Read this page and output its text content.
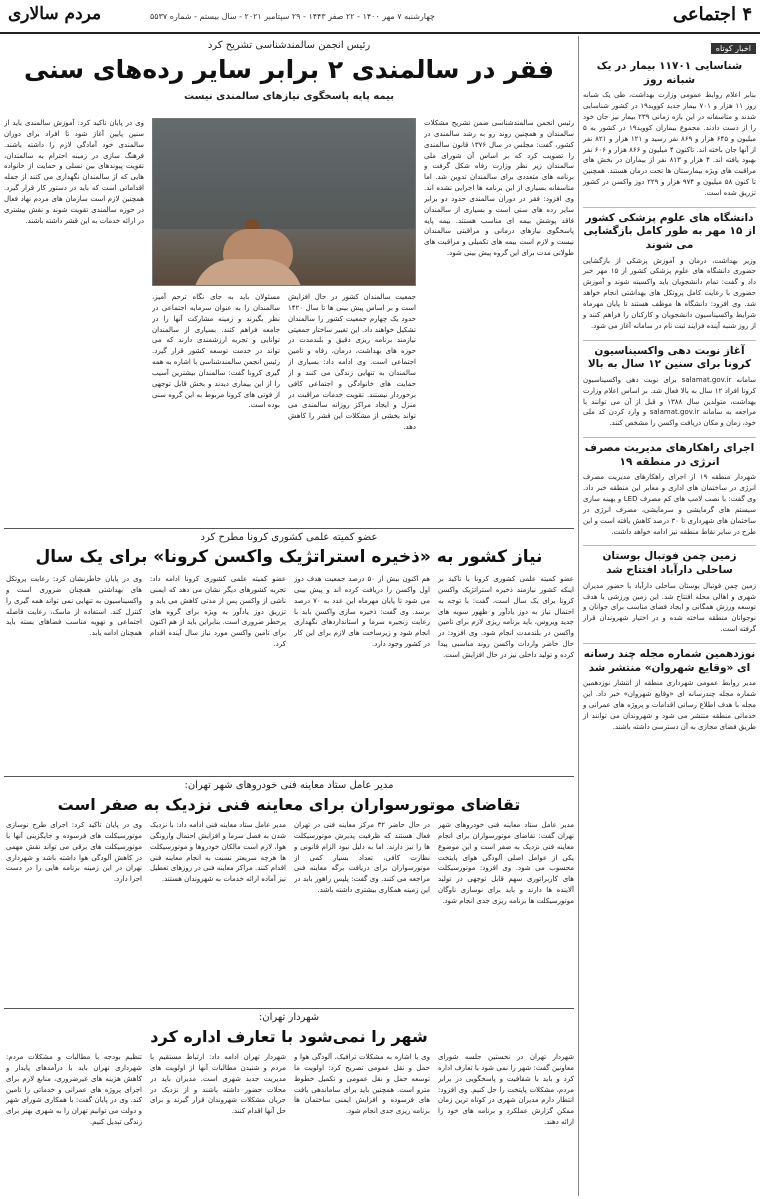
۴ اجتماعی
چهارشنبه ۷ مهر ۱۴۰۰ - ۲۲ صفر ۱۴۴۳ - ۲۹ سپتامبر ۲۰۲۱ - سال بیستم - شماره ۵۵۳۷
مردم سالاری
اخبار کوتاه
شناسایی ۱۱۷۰۱ بیمار در یک شبانه روز
بنابر اعلام روابط عمومی وزارت بهداشت، طی یک شبانه روز ۱۱ هزار و ۷۰۱ بیمار جدید کووید۱۹ در کشور شناسایی شدند و متاسفانه در این بازه زمانی ۲۳۹ بیمار نیز جان خود را از دست دادند. مجموع بیماران کووید۱۹ در کشور به ۵ میلیون و ۶۴۵ هزار و ۸۶۹ نفر رسید و ۱۲۱ هزار و ۸۲۱ نفر از آنها جان باخته اند. تاکنون ۴ میلیون و ۸۶۶ هزار و ۶۰۶ نفر بهبود یافته اند. ۴ هزار و ۸۱۳ نفر از بیماران در بخش های مراقبت های ویژه بیمارستان ها تحت درمان هستند. همچنین تا کنون ۵۸ میلیون و ۹۷۴ هزار و ۲۲۹ دوز واکسن در کشور تزریق شده است.
دانشگاه های علوم پزشکی کشور از ۱۵ مهر به طور کامل بازگشایی می شوند
وزیر بهداشت، درمان و آموزش پزشکی از بازگشایی حضوری دانشگاه های علوم پزشکی کشور از ۱۵ مهر خبر داد و گفت: تمام دانشجویان باید واکسینه شوند و آموزش حضوری با رعایت کامل پروتکل های بهداشتی انجام خواهد شد. وی افزود: دانشگاه ها موظف هستند تا پایان مهرماه شرایط واکسیناسیون دانشجویان و کارکنان را فراهم کنند و از روز شنبه آینده فرایند ثبت نام در سامانه آغاز می شود.
آغاز نوبت دهی واکسیناسیون کرونا برای سنین ۱۲ سال به بالا
سامانه salamat.gov.ir برای نوبت دهی واکسیناسیون کرونا افراد ۱۲ سال به بالا فعال شد. بر اساس اعلام وزارت بهداشت، متولدین سال ۱۳۸۸ و قبل از آن می توانند با مراجعه به سامانه salamat.gov.ir و وارد کردن کد ملی خود، زمان و مکان دریافت واکسن را مشخص کنند.
اجرای راهکارهای مدیریت مصرف انرژی در منطقه ۱۹
شهردار منطقه ۱۹ از اجرای راهکارهای مدیریت مصرف انرژی در ساختمان های اداری و معابر این منطقه خبر داد. وی گفت: با نصب لامپ های کم مصرف LED و بهینه سازی سیستم های گرمایشی و سرمایشی، مصرف انرژی در ساختمان های شهرداری تا ۳۰ درصد کاهش یافته است و این طرح در سایر نقاط منطقه نیز ادامه خواهد داشت.
زمین چمن فوتبال بوستان ساحلی دارآباد افتتاح شد
زمین چمن فوتبال بوستان ساحلی دارآباد با حضور مدیران شهری و اهالی محله افتتاح شد. این زمین ورزشی با هدف توسعه ورزش همگانی و ایجاد فضای مناسب برای جوانان و نوجوانان منطقه ساخته شده و در اختیار شهروندان قرار گرفته است.
نوزدهمین شماره مجله چند رسانه ای «وقایع شهروان» منتشر شد
مدیر روابط عمومی شهرداری منطقه از انتشار نوزدهمین شماره مجله چندرسانه ای «وقایع شهروان» خبر داد. این مجله با هدف اطلاع رسانی اقدامات و پروژه های عمرانی و خدماتی منطقه منتشر می شود و شهروندان می توانند از طریق فضای مجازی به آن دسترسی داشته باشند.
رئیس انجمن سالمندشناسی تشریح کرد
فقر در سالمندی ۲ برابر سایر رده‌های سنی
بیمه پایه پاسخگوی نیازهای سالمندی نیست
رئیس انجمن سالمندشناسی ضمن تشریح مشکلات سالمندان و همچنین روند رو به رشد سالمندی در کشور، گفت: مجلس در سال ۱۳۷۶ قانون سالمندی را تصویب کرد که بر اساس آن شورای ملی سالمندان زیر نظر وزارت رفاه شکل گرفت و برنامه های متعددی برای سالمندان تدوین شد. اما متاسفانه بسیاری از این برنامه ها اجرایی نشده اند. وی افزود: فقر در دوران سالمندی حدود دو برابر سایر رده های سنی است و بسیاری از سالمندان فاقد پوشش بیمه ای مناسب هستند. بیمه پایه پاسخگوی نیازهای درمانی و مراقبتی سالمندان نیست و لازم است بیمه های تکمیلی و مراقبت های طولانی مدت برای این گروه پیش بینی شود.
جمعیت سالمندان کشور در حال افزایش است و بر اساس پیش بینی ها تا سال ۱۴۲۰ حدود یک چهارم جمعیت کشور را سالمندان تشکیل خواهند داد. این تغییر ساختار جمعیتی نیازمند برنامه ریزی دقیق و بلندمدت در حوزه های بهداشت، درمان، رفاه و تامین اجتماعی است. وی ادامه داد: بسیاری از سالمندان به تنهایی زندگی می کنند و از حمایت های خانوادگی و اجتماعی کافی برخوردار نیستند. تقویت خدمات مراقبت در منزل و ایجاد مراکز روزانه سالمندی می تواند بخشی از مشکلات این قشر را کاهش دهد.
مسئولان باید به جای نگاه ترحم آمیز، سالمندان را به عنوان سرمایه اجتماعی در نظر بگیرند و زمینه مشارکت آنها را در جامعه فراهم کنند. بسیاری از سالمندان توانایی و تجربه ارزشمندی دارند که می تواند در خدمت توسعه کشور قرار گیرد. رئیس انجمن سالمندشناسی با اشاره به همه گیری کرونا گفت: سالمندان بیشترین آسیب را از این بیماری دیدند و بخش قابل توجهی از فوتی های کرونا مربوط به این گروه سنی بوده است.
وی در پایان تاکید کرد: آموزش سالمندی باید از سنین پایین آغاز شود تا افراد برای دوران سالمندی خود آمادگی لازم را داشته باشند. فرهنگ سازی در زمینه احترام به سالمندان، تقویت پیوندهای بین نسلی و حمایت از خانواده هایی که از سالمندان نگهداری می کنند از جمله اقداماتی است که باید در دستور کار قرار گیرد. همچنین لازم است سازمان های مردم نهاد فعال در حوزه سالمندی تقویت شوند و نقش بیشتری در ارائه خدمات به این قشر داشته باشند.
عضو کمیته علمی کشوری کرونا مطرح کرد
نیاز کشور به «ذخیره استراتژیک واکسن کرونا» برای یک سال
عضو کمیته علمی کشوری کرونا با تاکید بر اینکه کشور نیازمند ذخیره استراتژیک واکسن کرونا برای یک سال است، گفت: با توجه به احتمال نیاز به دوز یادآور و ظهور سویه های جدید ویروس، باید برنامه ریزی لازم برای تامین واکسن در بلندمدت انجام شود. وی افزود: در حال حاضر واردات واکسن روند مناسبی پیدا کرده و تولید داخلی نیز در حال افزایش است.
هم اکنون بیش از ۵۰ درصد جمعیت هدف دوز اول واکسن را دریافت کرده اند و پیش بینی می شود تا پایان مهرماه این عدد به ۷۰ درصد برسد. وی گفت: ذخیره سازی واکسن باید با رعایت زنجیره سرما و استانداردهای نگهداری انجام شود و زیرساخت های لازم برای این کار در کشور وجود دارد.
عضو کمیته علمی کشوری کرونا ادامه داد: تجربه کشورهای دیگر نشان می دهد که ایمنی ناشی از واکسن پس از مدتی کاهش می یابد و تزریق دوز یادآور به ویژه برای گروه های پرخطر ضروری است. بنابراین باید از هم اکنون برای تامین واکسن مورد نیاز سال آینده اقدام کرد.
وی در پایان خاطرنشان کرد: رعایت پروتکل های بهداشتی همچنان ضروری است و واکسیناسیون به تنهایی نمی تواند همه گیری را کنترل کند. استفاده از ماسک، رعایت فاصله اجتماعی و تهویه مناسب فضاهای بسته باید همچنان ادامه یابد.
مدیر عامل ستاد معاینه فنی خودروهای شهر تهران:
تقاضای موتورسواران برای معاینه فنی نزدیک به صفر است
مدیر عامل ستاد معاینه فنی خودروهای شهر تهران گفت: تقاضای موتورسواران برای انجام معاینه فنی نزدیک به صفر است و این موضوع یکی از عوامل اصلی آلودگی هوای پایتخت محسوب می شود. وی افزود: موتورسیکلت های کاربراتوری سهم قابل توجهی در تولید آلاینده ها دارند و باید برای نوسازی ناوگان موتورسیکلت ها برنامه ریزی جدی انجام شود.
در حال حاضر ۳۲ مرکز معاینه فنی در تهران فعال هستند که ظرفیت پذیرش موتورسیکلت ها را نیز دارند. اما به دلیل نبود الزام قانونی و نظارت کافی، تعداد بسیار کمی از موتورسواران برای دریافت برگه معاینه فنی مراجعه می کنند. وی گفت: پلیس راهور باید در این زمینه همکاری بیشتری داشته باشد.
مدیر عامل ستاد معاینه فنی ادامه داد: با نزدیک شدن به فصل سرما و افزایش احتمال وارونگی هوا، لازم است مالکان خودروها و موتورسیکلت ها هرچه سریعتر نسبت به انجام معاینه فنی اقدام کنند. مراکز معاینه فنی در روزهای تعطیل نیز آماده ارائه خدمات به شهروندان هستند.
وی در پایان تاکید کرد: اجرای طرح نوسازی موتورسیکلت های فرسوده و جایگزینی آنها با موتورسیکلت های برقی می تواند نقش مهمی در کاهش آلودگی هوا داشته باشد و شهرداری تهران در این زمینه برنامه هایی را در دست اجرا دارد.
شهردار تهران:
شهر را نمی‌شود با تعارف اداره کرد
شهردار تهران در نخستین جلسه شورای معاونین گفت: شهر را نمی شود با تعارف اداره کرد و باید با شفافیت و پاسخگویی در برابر مردم، مشکلات پایتخت را حل کنیم. وی افزود: انتظار دارم مدیران شهری در کوتاه ترین زمان ممکن گزارش عملکرد و برنامه های خود را ارائه دهند.
وی با اشاره به مشکلات ترافیک، آلودگی هوا و حمل و نقل عمومی تصریح کرد: اولویت ما توسعه حمل و نقل عمومی و تکمیل خطوط مترو است. همچنین باید برای ساماندهی بافت های فرسوده و افزایش ایمنی ساختمان ها برنامه ریزی جدی انجام شود.
شهردار تهران ادامه داد: ارتباط مستقیم با مردم و شنیدن مطالبات آنها از اولویت های مدیریت جدید شهری است. مدیران باید در محلات حضور داشته باشند و از نزدیک در جریان مشکلات شهروندان قرار گیرند و برای حل آنها اقدام کنند.
تنظیم بودجه با مطالبات و مشکلات مردم: شهرداری تهران باید با درآمدهای پایدار و کاهش هزینه های غیرضروری، منابع لازم برای اجرای پروژه های عمرانی و خدماتی را تامین کند. وی در پایان گفت: با همکاری شورای شهر و دولت می توانیم تهران را به شهری بهتر برای زندگی تبدیل کنیم.
